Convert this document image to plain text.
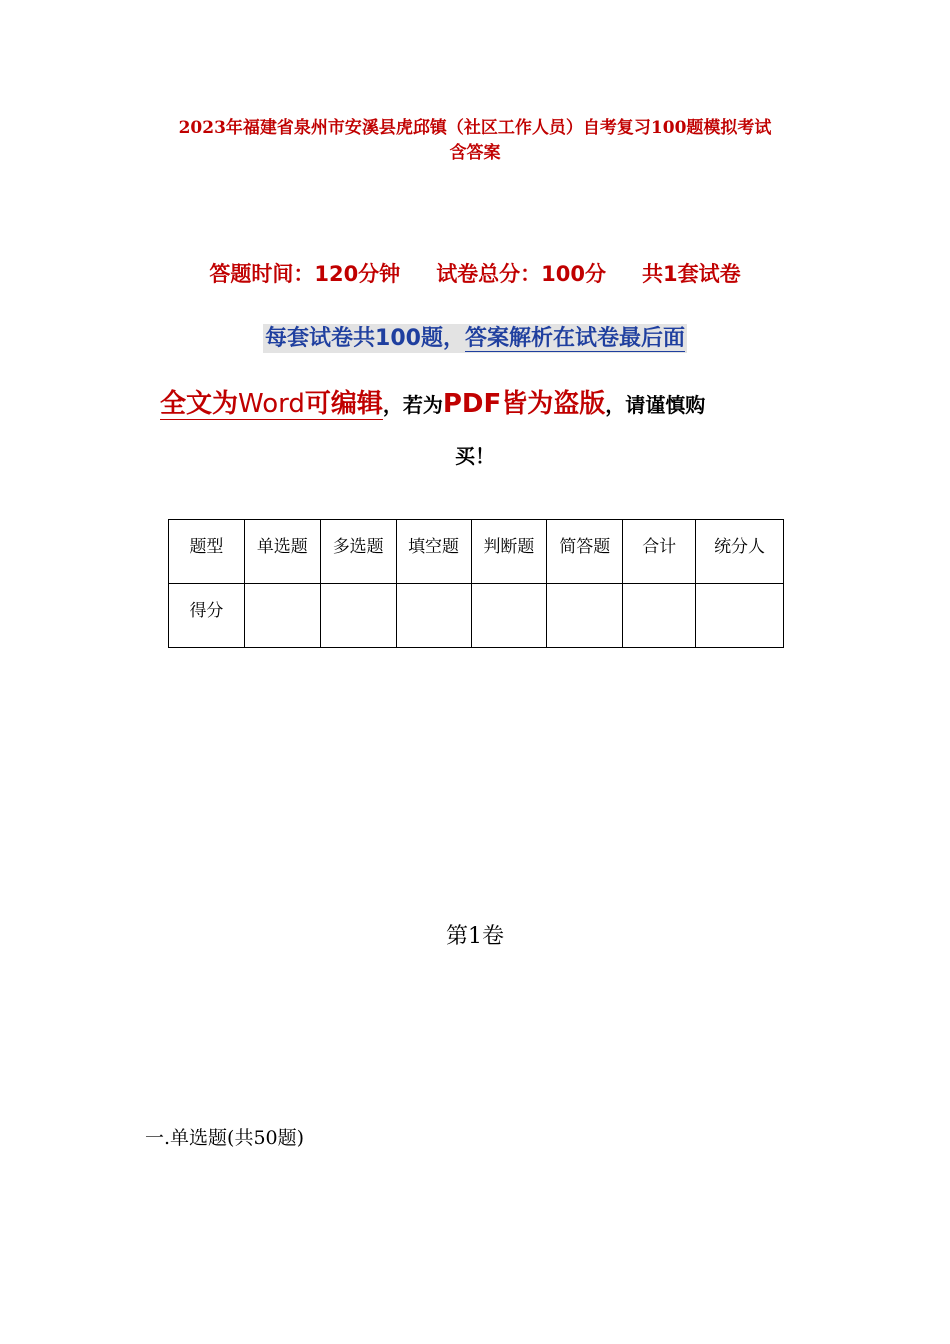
2023年福建省泉州市安溪县虎邱镇（社区工作人员）自考复习100题模拟考试
含答案
答题时间：120分钟 试卷总分：100分 共1套试卷
每套试卷共100题，答案解析在试卷最后面
全文为Word可编辑，若为PDF皆为盗版，请谨慎购
买！
题型	单选题	多选题	填空题	判断题	简答题	合计	统分人
得分							
第1卷
一.单选题(共50题)
